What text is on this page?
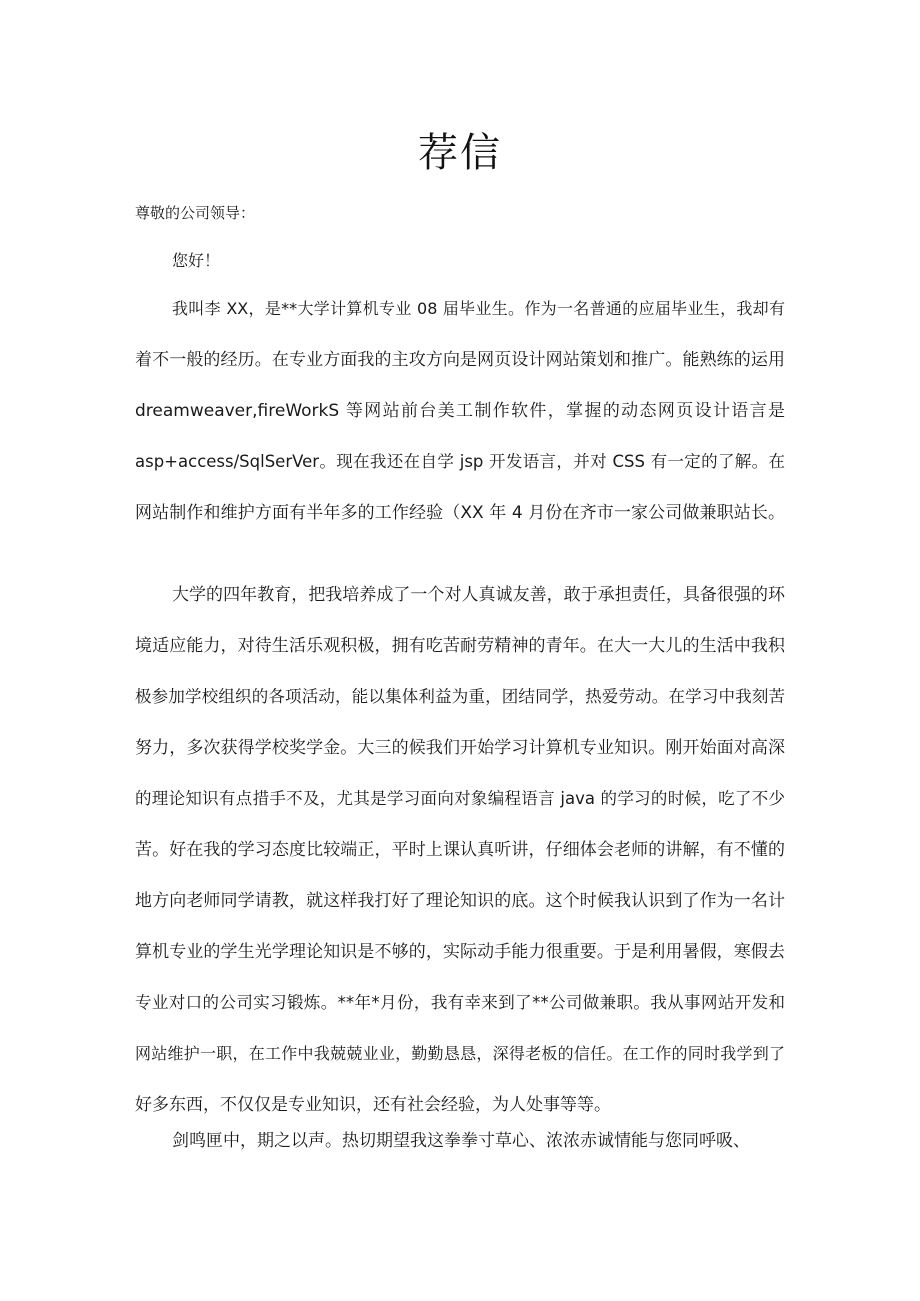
荐信
尊敬的公司领导：
您好！
我叫李 XX，是**大学计算机专业 08 届毕业生。作为一名普通的应届毕业生，我却有
着不一般的经历。在专业方面我的主攻方向是网页设计网站策划和推广。能熟练的运用
dreamweaver,fireWorkS 等网站前台美工制作软件，掌握的动态网页设计语言是
asp+access/SqlSerVer。现在我还在自学 jsp 开发语言，并对 CSS 有一定的了解。在
网站制作和维护方面有半年多的工作经验（XX 年 4 月份在齐市一家公司做兼职站长。
大学的四年教育，把我培养成了一个对人真诚友善，敢于承担责任，具备很强的环
境适应能力，对待生活乐观积极，拥有吃苦耐劳精神的青年。在大一大儿的生活中我积
极参加学校组织的各项活动，能以集体利益为重，团结同学，热爱劳动。在学习中我刻苦
努力，多次获得学校奖学金。大三的候我们开始学习计算机专业知识。刚开始面对高深
的理论知识有点措手不及，尤其是学习面向对象编程语言 java 的学习的时候，吃了不少
苦。好在我的学习态度比较端正，平时上课认真听讲，仔细体会老师的讲解，有不懂的
地方向老师同学请教，就这样我打好了理论知识的底。这个时候我认识到了作为一名计
算机专业的学生光学理论知识是不够的，实际动手能力很重要。于是利用暑假，寒假去
专业对口的公司实习锻炼。**年*月份，我有幸来到了**公司做兼职。我从事网站开发和
网站维护一职，在工作中我兢兢业业，勤勤恳恳，深得老板的信任。在工作的同时我学到了
好多东西，不仅仅是专业知识，还有社会经验，为人处事等等。
剑鸣匣中，期之以声。热切期望我这拳拳寸草心、浓浓赤诚情能与您同呼吸、
